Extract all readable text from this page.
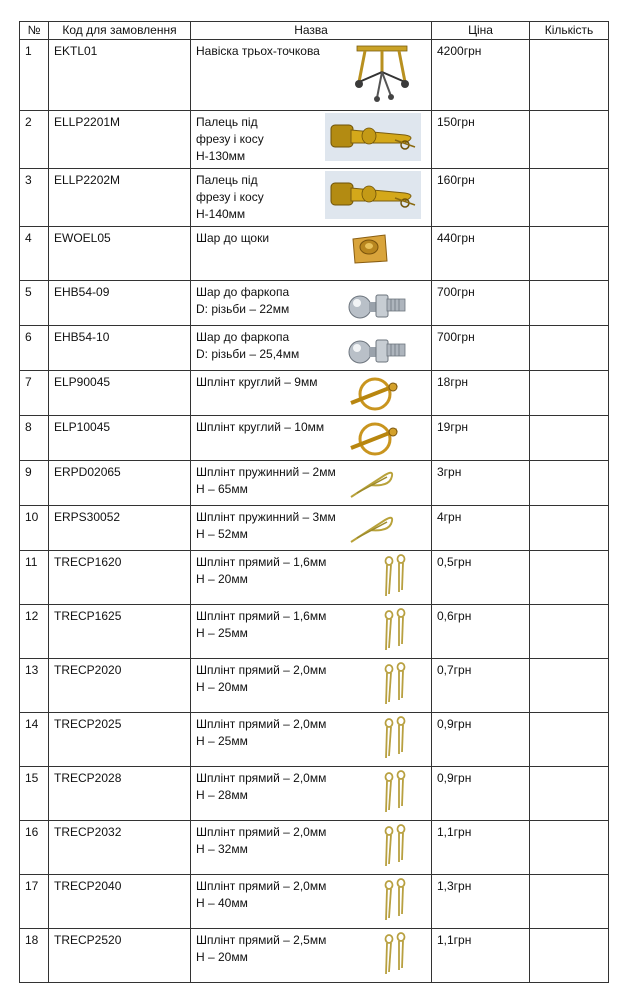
№	Код для замовлення	Назва	Ціна	Кількість
1	EKTL01	Навіска трьох-точкова	4200грн	
2	ELLP2201M	Палець під
фрезу і косу
H-130мм	150грн	
3	ELLP2202M	Палець під
фрезу і косу
H-140мм	160грн	
4	EWOEL05	Шар до щоки	440грн	
5	EHB54-09	Шар до фаркопа
D: різьби – 22мм	700грн	
6	EHB54-10	Шар до фаркопа
D: різьби – 25,4мм	700грн	
7	ELP90045	Шплінт круглий – 9мм	18грн	
8	ELP10045	Шплінт круглий – 10мм	19грн	
9	ERPD02065	Шплінт пружинний – 2мм
H – 65мм	3грн	
10	ERPS30052	Шплінт пружинний – 3мм
H – 52мм	4грн	
11	TRECP1620	Шплінт прямий – 1,6мм
H – 20мм	0,5грн	
12	TRECP1625	Шплінт прямий – 1,6мм
H – 25мм	0,6грн	
13	TRECP2020	Шплінт прямий – 2,0мм
H – 20мм	0,7грн	
14	TRECP2025	Шплінт прямий – 2,0мм
H – 25мм	0,9грн	
15	TRECP2028	Шплінт прямий – 2,0мм
H – 28мм	0,9грн	
16	TRECP2032	Шплінт прямий – 2,0мм
H – 32мм	1,1грн	
17	TRECP2040	Шплінт прямий – 2,0мм
H – 40мм	1,3грн	
18	TRECP2520	Шплінт прямий – 2,5мм
H – 20мм	1,1грн	
